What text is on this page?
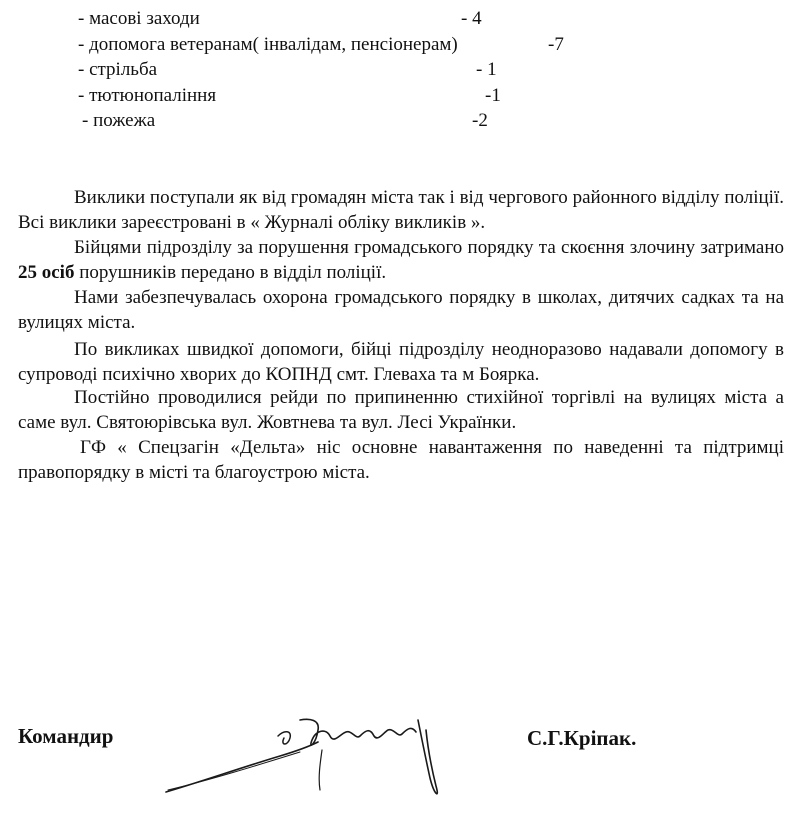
- масові заходи	- 4
- допомога ветеранам( інвалідам, пенсіонерам)	-7
- стрільба	- 1
- тютюнопаління	-1
- пожежа	-2
Виклики поступали як від громадян міста так і від чергового районного відділу поліції. Всі виклики зареєстровані в « Журналі обліку викликів ».
Бійцями підрозділу за порушення громадського порядку та скоєння злочину затримано 25 осіб порушників передано в відділ поліції.
Нами забезпечувалась охорона громадського порядку в школах, дитячих садках та на вулицях міста.
По викликах швидкої допомоги, бійці підрозділу неодноразово надавали допомогу в супроводі психічно хворих до КОПНД смт. Глеваха та м Боярка.
Постійно проводилися рейди по припиненню стихійної торгівлі на вулицях міста а саме вул. Святоюрівська вул. Жовтнева та вул. Лесі Українки.
ГФ « Спецзагін «Дельта» ніс основне навантаження по наведенні та підтримці правопорядку в місті та благоустрою міста.
Командир	С.Г.Кріпак.
